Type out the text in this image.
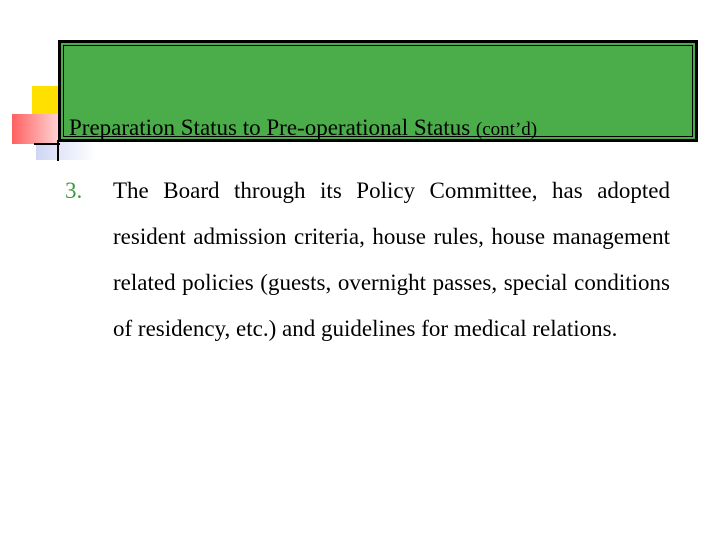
Preparation Status to Pre-operational Status (cont’d)
3. The Board through its Policy Committee, has adopted resident admission criteria, house rules, house management related policies (guests, overnight passes, special conditions of residency, etc.) and guidelines for medical relations.
